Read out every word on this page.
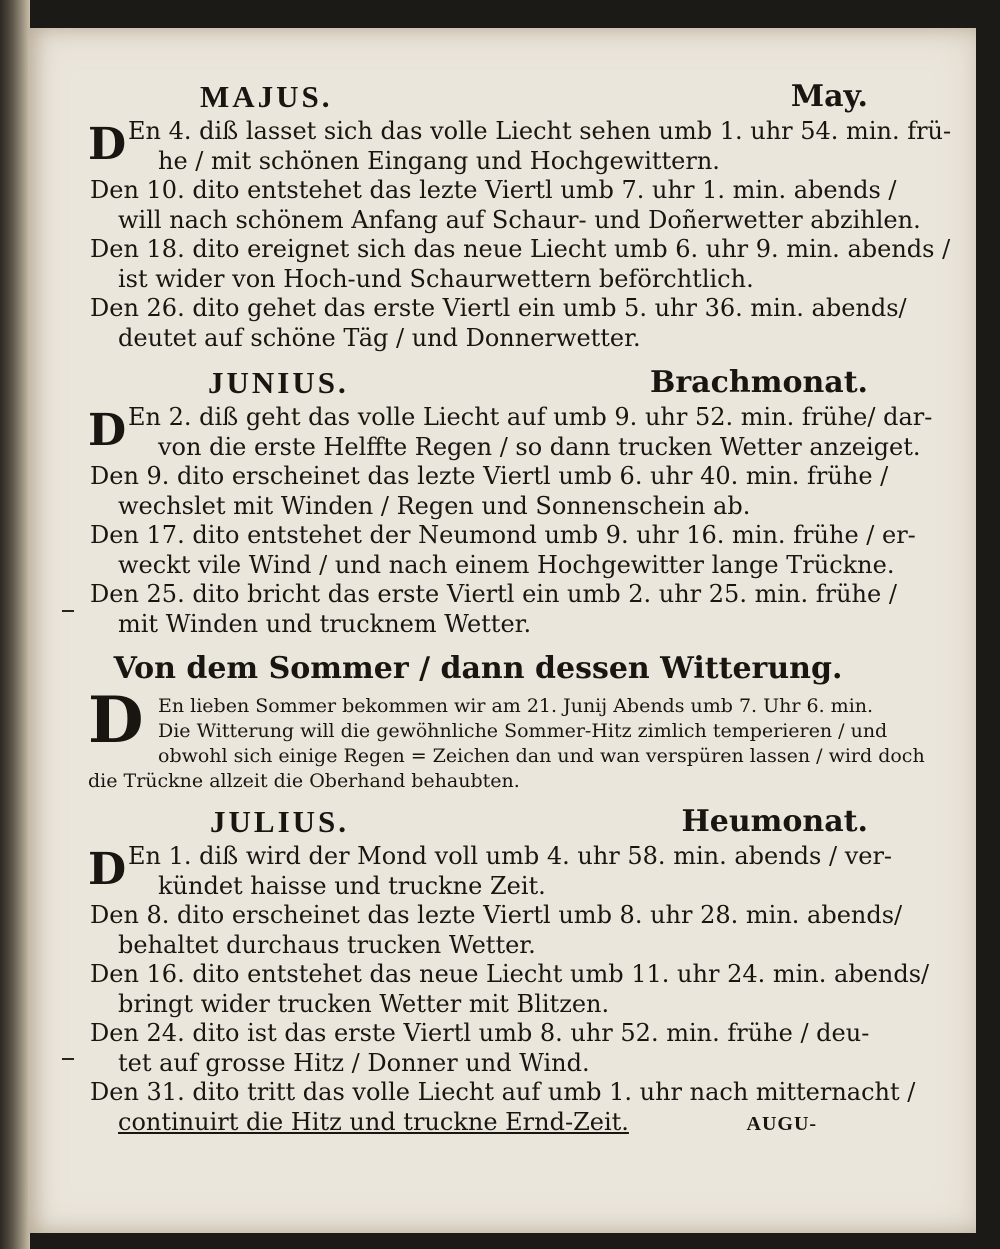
MAJUS.	May.
D En 4. diß lasset sich das volle Liecht sehen umb 1. uhr 54. min. frü‑
he / mit schönen Eingang und Hochgewittern.
Den 10. dito entstehet das lezte Viertl umb 7. uhr 1. min. abends /
will nach schönem Anfang auf Schaur‑ und Doñerwetter abzihlen.
Den 18. dito ereignet sich das neue Liecht umb 6. uhr 9. min. abends /
ist wider von Hoch‑und Schaurwettern beförchtlich.
Den 26. dito gehet das erste Viertl ein umb 5. uhr 36. min. abends/
deutet auf schöne Täg / und Donnerwetter.
JUNIUS.	Brachmonat.
D En 2. diß geht das volle Liecht auf umb 9. uhr 52. min. frühe/ dar‑
von die erste Helffte Regen / so dann trucken Wetter anzeiget.
Den 9. dito erscheinet das lezte Viertl umb 6. uhr 40. min. frühe /
wechslet mit Winden / Regen und Sonnenschein ab.
Den 17. dito entstehet der Neumond umb 9. uhr 16. min. frühe / er‑
weckt vile Wind / und nach einem Hochgewitter lange Trückne.
Den 25. dito bricht das erste Viertl ein umb 2. uhr 25. min. frühe /
mit Winden und trucknem Wetter.
Von dem Sommer / dann dessen Witterung.
D En lieben Sommer bekommen wir am 21. Junij Abends umb 7. Uhr 6. min.
Die Witterung will die gewöhnliche Sommer‑Hitz zimlich temperieren / und
obwohl sich einige Regen = Zeichen dan und wan verspüren lassen / wird doch
die Trückne allzeit die Oberhand behaubten.
JULIUS.	Heumonat.
D En 1. diß wird der Mond voll umb 4. uhr 58. min. abends / ver‑
kündet haisse und truckne Zeit.
Den 8. dito erscheinet das lezte Viertl umb 8. uhr 28. min. abends/
behaltet durchaus trucken Wetter.
Den 16. dito entstehet das neue Liecht umb 11. uhr 24. min. abends/
bringt wider trucken Wetter mit Blitzen.
Den 24. dito ist das erste Viertl umb 8. uhr 52. min. frühe / deu‑
tet auf grosse Hitz / Donner und Wind.
Den 31. dito tritt das volle Liecht auf umb 1. uhr nach mitternacht /
continuirt die Hitz und truckne Ernd‑Zeit.	AUGU‑
